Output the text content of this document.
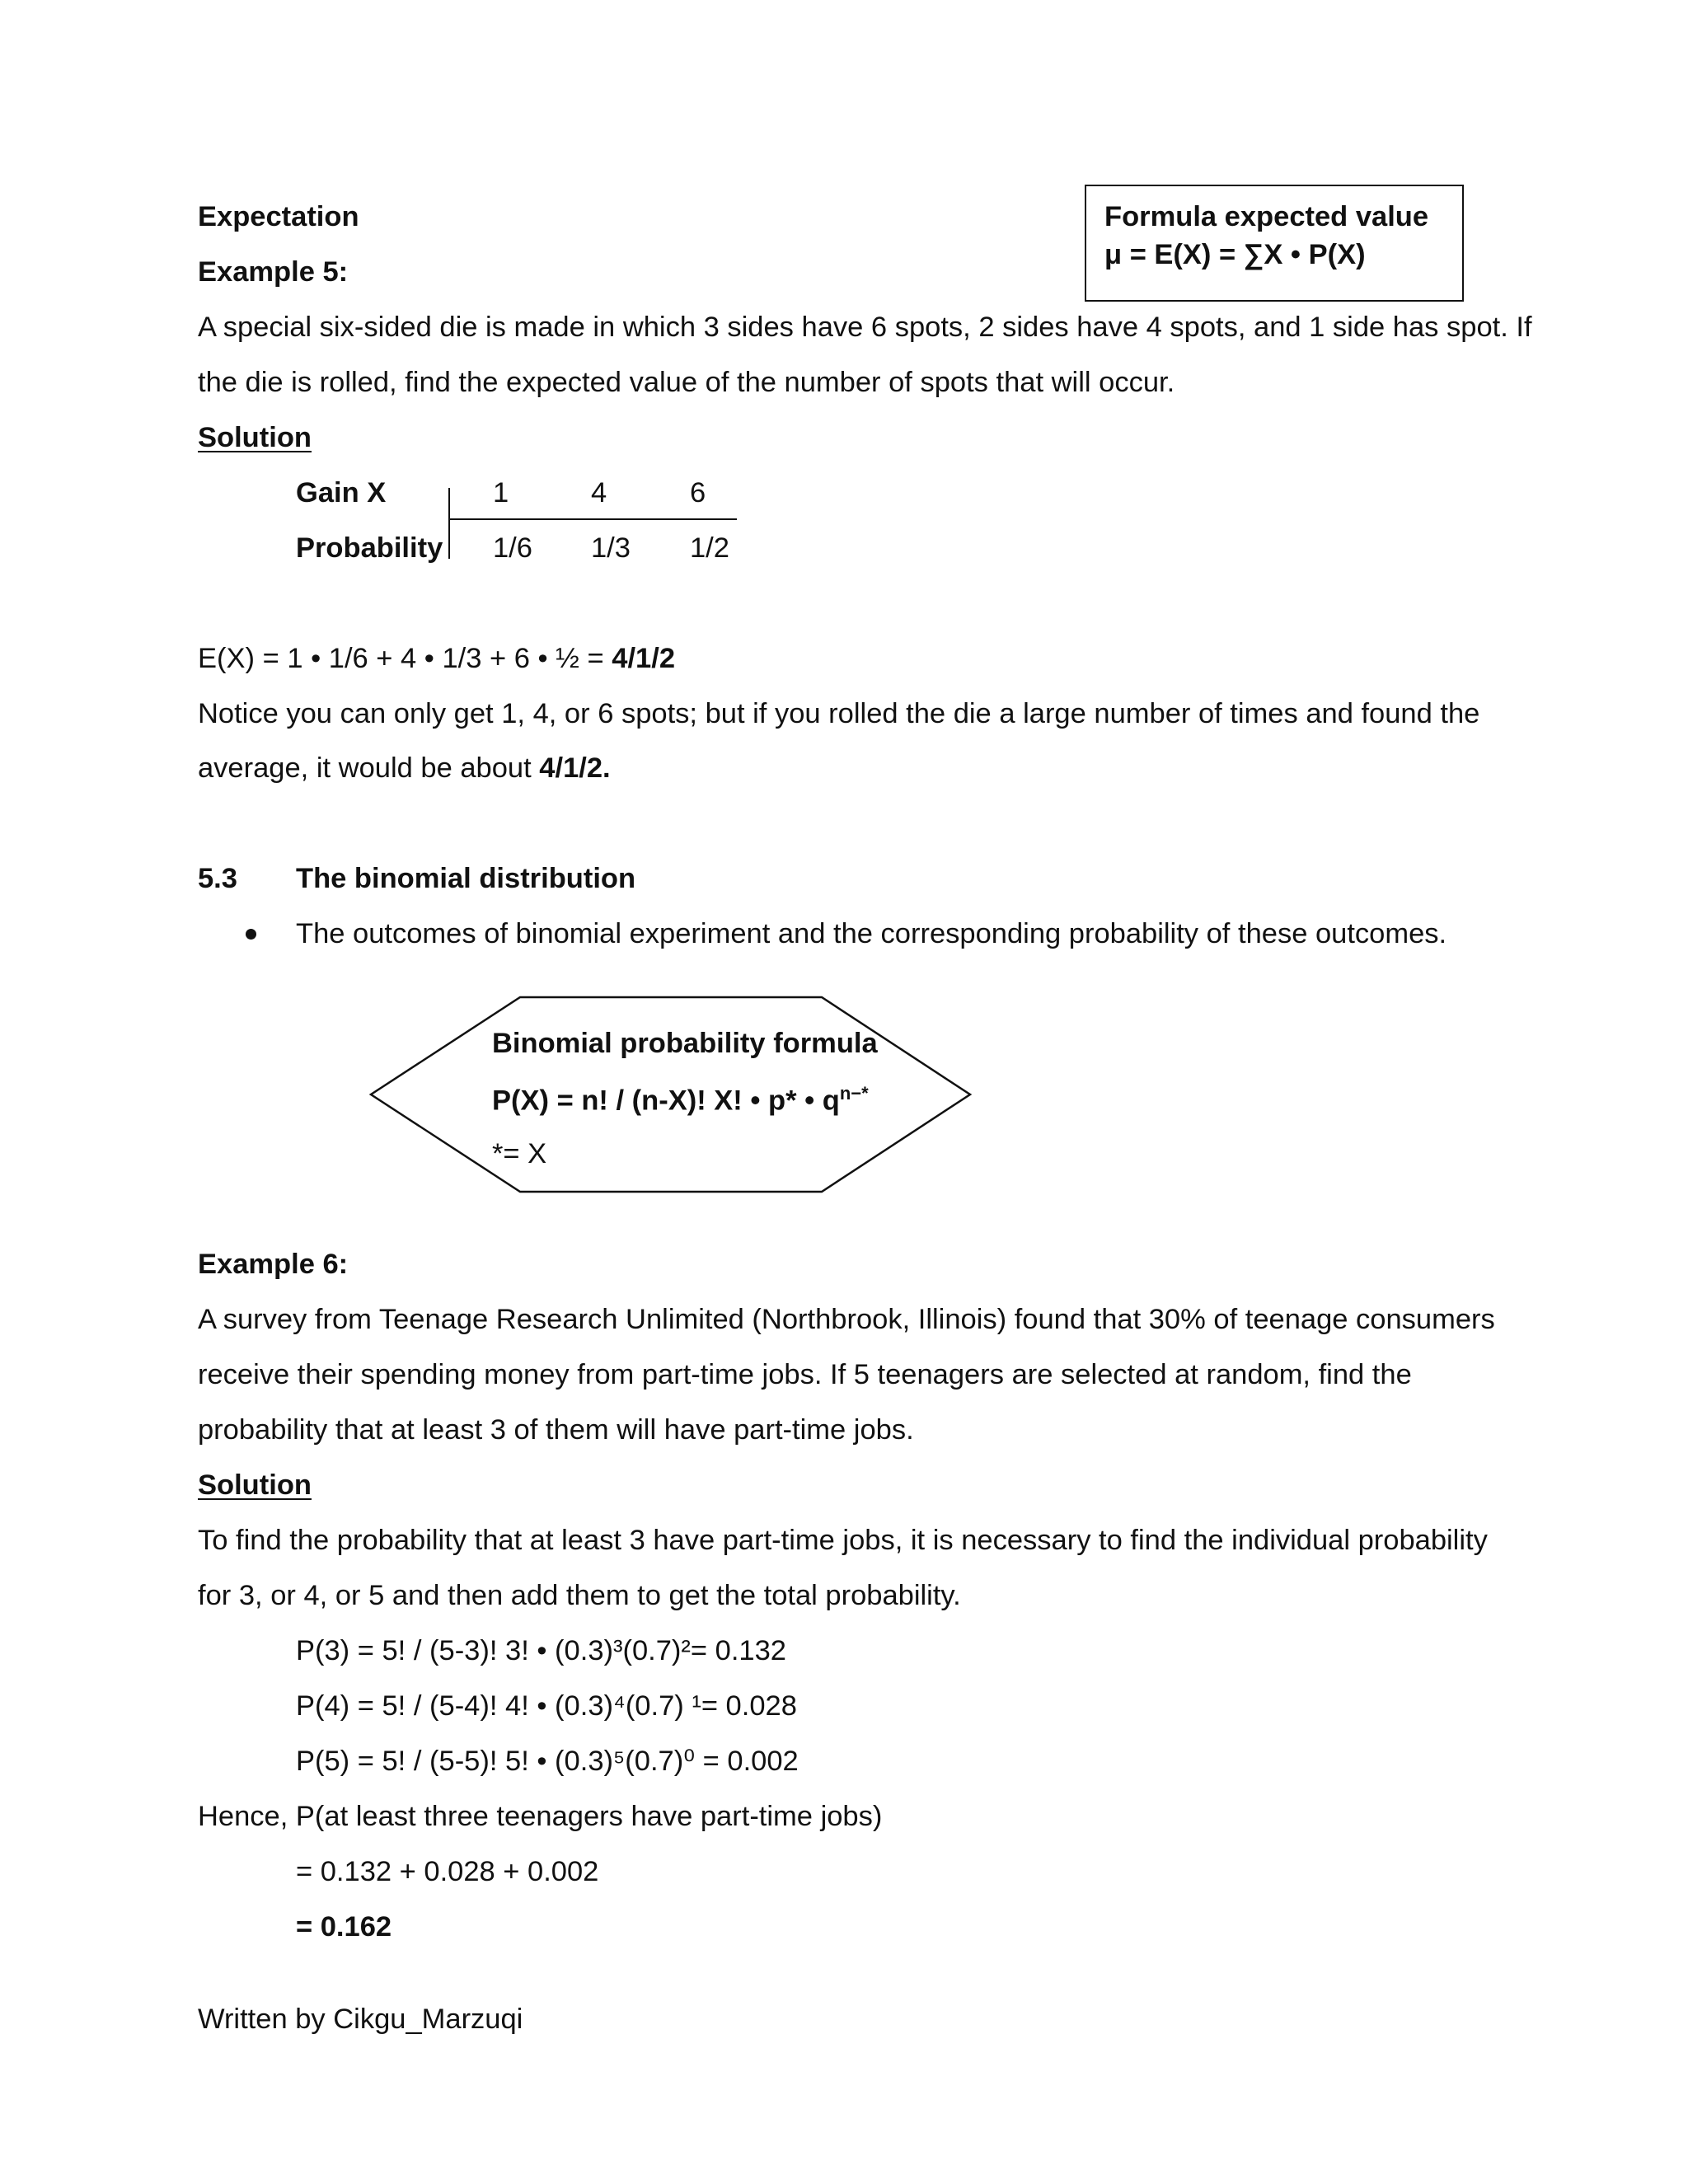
Formula expected value
μ = E(X) = ∑X • P(X)
Expectation
Example 5:
A special six-sided die is made in which 3 sides have 6 spots, 2 sides have 4 spots, and 1 side has spot. If
the die is rolled, find the expected value of the number of spots that will occur.
Solution
Gain X	1	4	6
Probability 1/6 1/3 1/2
E(X) = 1 • 1/6 + 4 • 1/3 + 6 • ½ = 4/1/2
Notice you can only get 1, 4, or 6 spots; but if you rolled the die a large number of times and found the
average, it would be about 4/1/2.
5.3 The binomial distribution
The outcomes of binomial experiment and the corresponding probability of these outcomes.
Binomial probability formula
P(X) = n! / (n-X)! X! • p* • $q^{n-*}$
*= X
Example 6:
A survey from Teenage Research Unlimited (Northbrook, Illinois) found that 30% of teenage consumers
receive their spending money from part-time jobs. If 5 teenagers are selected at random, find the
probability that at least 3 of them will have part-time jobs.
Solution
To find the probability that at least 3 have part-time jobs, it is necessary to find the individual probability
for 3, or 4, or 5 and then add them to get the total probability.
P(3) = 5! / (5-3)! 3! • (0.3)³(0.7)²= 0.132
P(4) = 5! / (5-4)! 4! • (0.3)⁴(0.7) ¹= 0.028
P(5) = 5! / (5-5)! 5! • (0.3)⁵(0.7)⁰ = 0.002
Hence, P(at least three teenagers have part-time jobs)
= 0.132 + 0.028 + 0.002
= 0.162
Written by Cikgu_Marzuqi
